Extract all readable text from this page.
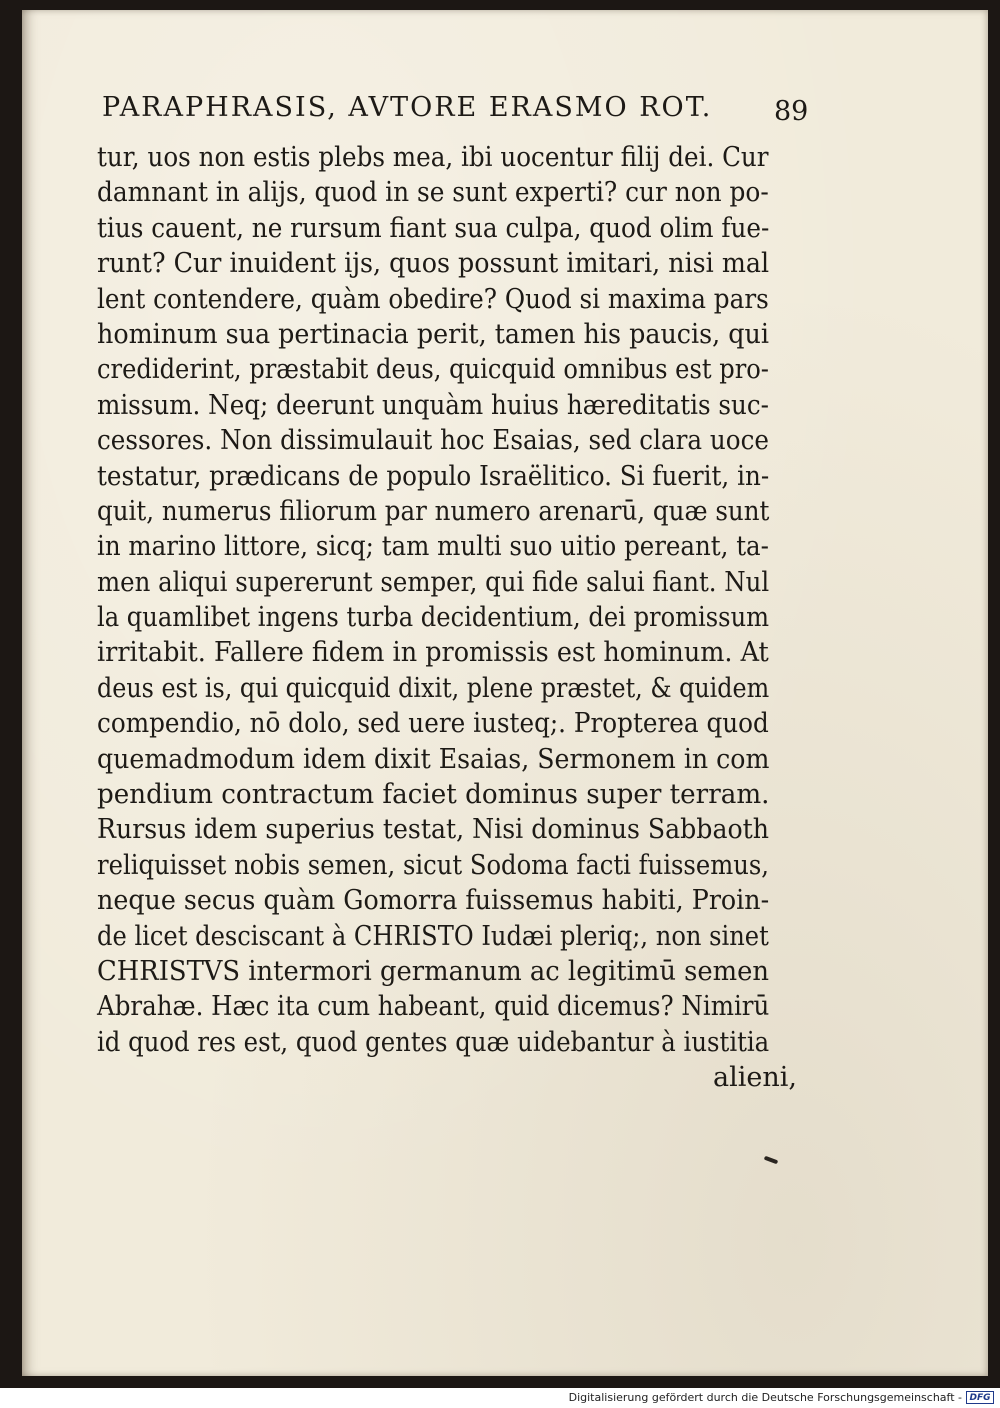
PARAPHRASIS, AVTORE ERASMO ROT.	89
tur, uos non estis plebs mea, ibi uocentur filij dei. Cur
damnant in alijs, quod in se sunt experti? cur non po-
tius cauent, ne rursum fiant sua culpa, quod olim fue-
runt? Cur inuident ijs, quos possunt imitari, nisi mal
lent contendere, quàm obedire? Quod si maxima pars
hominum sua pertinacia perit, tamen his paucis, qui
crediderint, præstabit deus, quicquid omnibus est pro-
missum. Neq; deerunt unquàm huius hæreditatis suc-
cessores. Non dissimulauit hoc Esaias, sed clara uoce
testatur, prædicans de populo Israëlitico. Si fuerit, in-
quit, numerus filiorum par numero arenarū, quæ sunt
in marino littore, sicq; tam multi suo uitio pereant, ta-
men aliqui supererunt semper, qui fide salui fiant. Nul
la quamlibet ingens turba decidentium, dei promissum
irritabit. Fallere fidem in promissis est hominum. At
deus est is, qui quicquid dixit, plene præstet, & quidem
compendio, nō dolo, sed uere iusteq;. Propterea quod
quemadmodum idem dixit Esaias, Sermonem in com
pendium contractum faciet dominus super terram.
Rursus idem superius testat, Nisi dominus Sabbaoth
reliquisset nobis semen, sicut Sodoma facti fuissemus,
neque secus quàm Gomorra fuissemus habiti, Proin-
de licet desciscant à CHRISTO Iudæi pleriq;, non sinet
CHRISTVS intermori germanum ac legitimū semen
Abrahæ. Hæc ita cum habeant, quid dicemus? Nimirū
id quod res est, quod gentes quæ uidebantur à iustitia
alieni,
Digitalisierung gefördert durch die Deutsche Forschungsgemeinschaft - DFG
